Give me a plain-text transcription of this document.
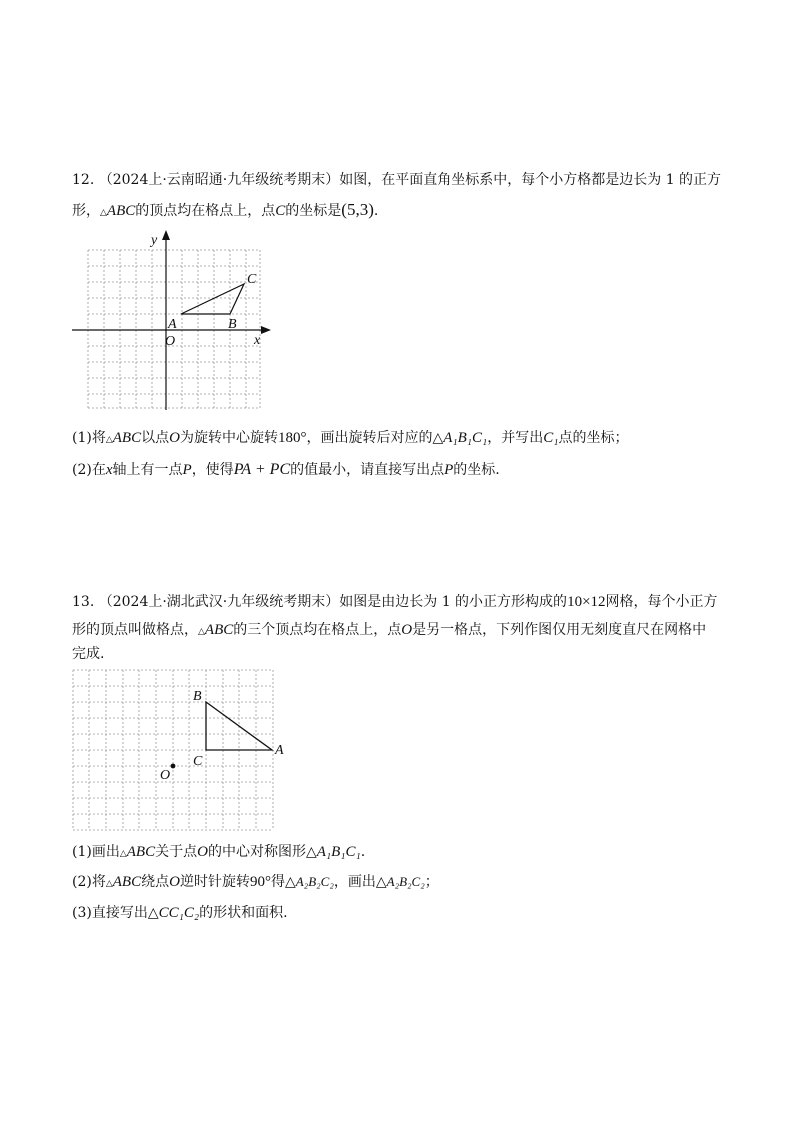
12. （2024上·云南昭通·九年级统考期末）如图，在平面直角坐标系中，每个小方格都是边长为 1 的正方
形，△ABC的顶点均在格点上，点C的坐标是(5,3).
y
x
O
A	B
C
(1)将△ABC以点O为旋转中心旋转180°，画出旋转后对应的△A₁B₁C₁，并写出C₁点的坐标；
(2)在x轴上有一点P，使得PA + PC的值最小，请直接写出点P的坐标.
13. （2024上·湖北武汉·九年级统考期末）如图是由边长为 1 的小正方形构成的10×12网格，每个小正方
形的顶点叫做格点，△ABC的三个顶点均在格点上，点O是另一格点，下列作图仅用无刻度直尺在网格中
完成.
B
A
C
O
(1)画出△ABC关于点O的中心对称图形△A₁B₁C₁.
(2)将△ABC绕点O逆时针旋转90°得△A₂B₂C₂，画出△A₂B₂C₂；
(3)直接写出△CC₁C₂的形状和面积.
